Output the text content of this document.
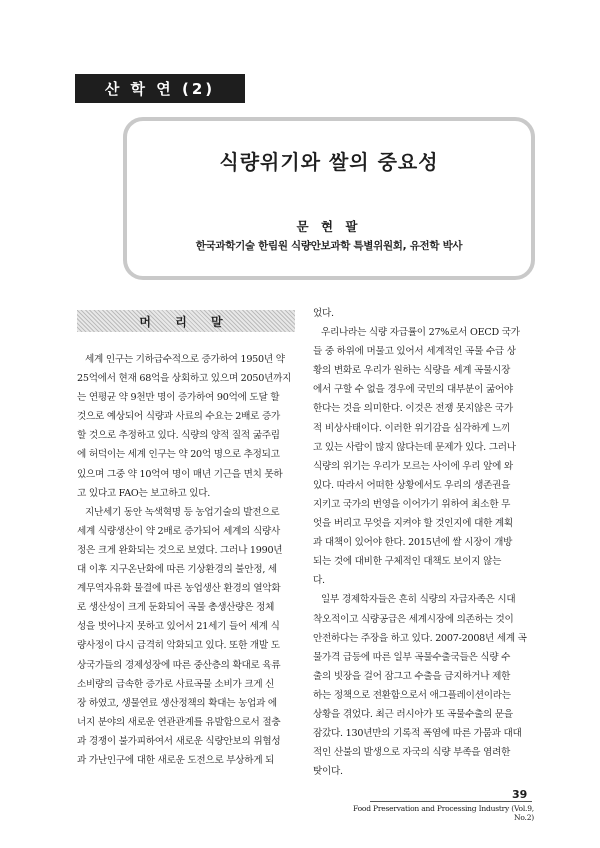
산 학 연 (2)
식량위기와 쌀의 중요성
문 현 팔
한국과학기술 한림원 식량안보과학 특별위원회, 유전학 박사
머 리 말
세계 인구는 기하급수적으로 증가하여 1950년 약
25억에서 현재 68억을 상회하고 있으며 2050년까지
는 연평균 약 9천만 명이 증가하여 90억에 도달 할
것으로 예상되어 식량과 사료의 수요는 2배로 증가
할 것으로 추정하고 있다. 식량의 양적 질적 굶주림
에 허덕이는 세계 인구는 약 20억 명으로 추정되고
있으며 그중 약 10억여 명이 매년 기근을 면치 못하
고 있다고 FAO는 보고하고 있다.
지난세기 동안 녹색혁명 등 농업기술의 발전으로
세계 식량생산이 약 2배로 증가되어 세계의 식량사
정은 크게 완화되는 것으로 보였다. 그러나 1990년
대 이후 지구온난화에 따른 기상환경의 불안정, 세
계무역자유화 물결에 따른 농업생산 환경의 열악화
로 생산성이 크게 둔화되어 곡물 총생산량은 정체
성을 벗어나지 못하고 있어서 21세기 들어 세계 식
량사정이 다시 급격히 악화되고 있다. 또한 개발 도
상국가들의 경제성장에 따른 중산층의 확대로 육류
소비량의 급속한 증가로 사료곡물 소비가 크게 신
장 하였고, 생물연료 생산정책의 확대는 농업과 에
너지 분야의 새로운 연관관계를 유발함으로서 절충
과 경쟁이 불가피하여서 새로운 식량안보의 위협성
과 가난인구에 대한 새로운 도전으로 부상하게 되
었다.
우리나라는 식량 자급률이 27%로서 OECD 국가
들 중 하위에 머물고 있어서 세계적인 곡물 수급 상
황의 변화로 우리가 원하는 식량을 세계 곡물시장
에서 구할 수 없을 경우에 국민의 대부분이 굶어야
한다는 것을 의미한다. 이것은 전쟁 못지않은 국가
적 비상사태이다. 이러한 위기감을 심각하게 느끼
고 있는 사람이 많지 않다는데 문제가 있다. 그러나
식량의 위기는 우리가 모르는 사이에 우리 앞에 와
있다. 따라서 어떠한 상황에서도 우리의 생존권을
지키고 국가의 번영을 이어가기 위하여 최소한 무
엇을 버리고 무엇을 지켜야 할 것인지에 대한 계획
과 대책이 있어야 한다. 2015년에 쌀 시장이 개방
되는 것에 대비한 구체적인 대책도 보이지 않는
다.
일부 경제학자들은 흔히 식량의 자급자족은 시대
착오적이고 식량공급은 세계시장에 의존하는 것이
안전하다는 주장을 하고 있다. 2007-2008년 세계 곡
물가격 급등에 따른 일부 곡물수출국들은 식량 수
출의 빗장을 걸어 잠그고 수출을 금지하거나 제한
하는 정책으로 전환함으로서 애그플레이션이라는
상황을 겪었다. 최근 러시아가 또 곡물수출의 문을
잠갔다. 130년만의 기록적 폭염에 따른 가뭄과 대대
적인 산불의 발생으로 자국의 식량 부족을 염려한
탓이다.
39
Food Preservation and Processing Industry (Vol.9, No.2)
